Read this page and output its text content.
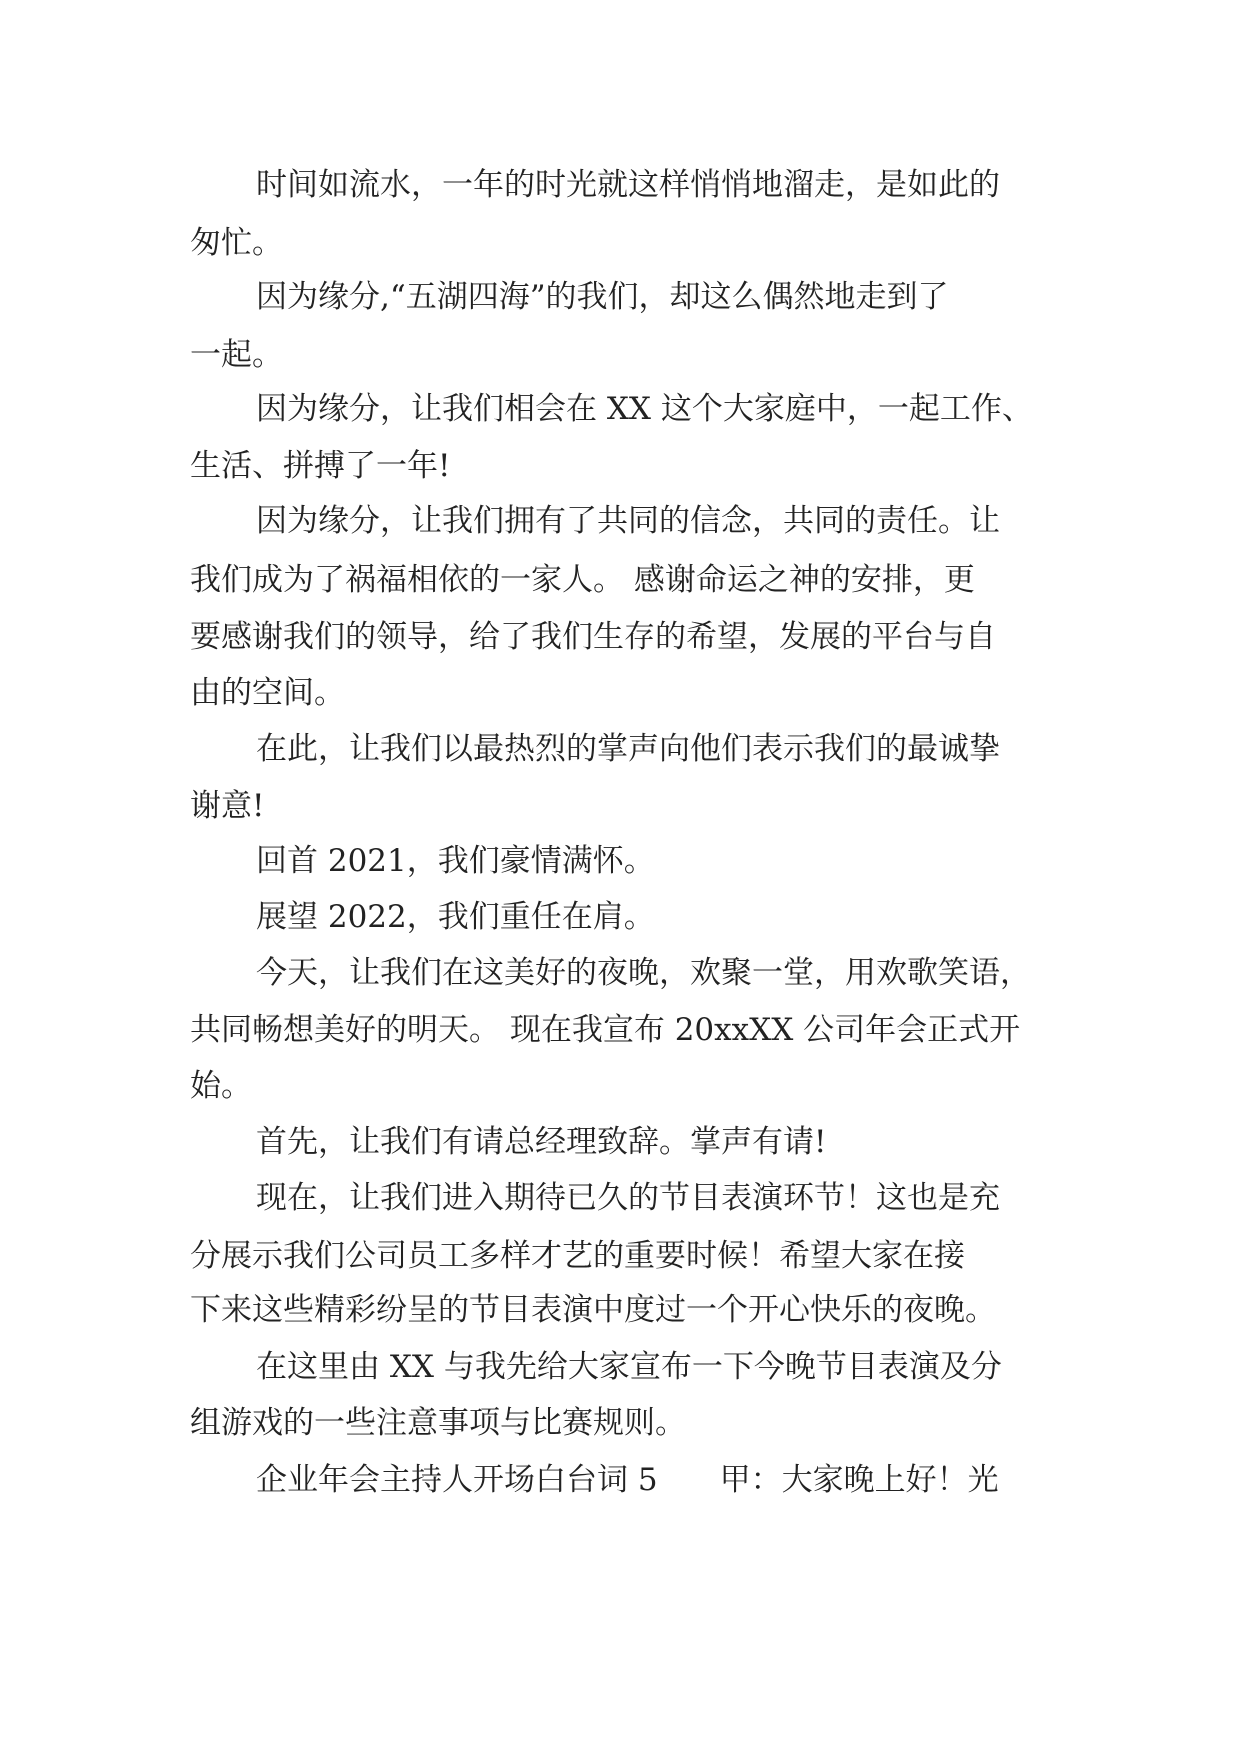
时间如流水，一年的时光就这样悄悄地溜走，是如此的

匆忙。

因为缘分,“五湖四海”的我们，却这么偶然地走到了

一起。

因为缘分，让我们相会在 XX 这个大家庭中，一起工作、

生活、拼搏了一年!

因为缘分，让我们拥有了共同的信念，共同的责任。让

我们成为了祸福相依的一家人。 感谢命运之神的安排，更

要感谢我们的领导，给了我们生存的希望，发展的平台与自

由的空间。

在此，让我们以最热烈的掌声向他们表示我们的最诚挚

谢意!

回首 2021，我们豪情满怀。

展望 2022，我们重任在肩。

今天，让我们在这美好的夜晚，欢聚一堂，用欢歌笑语，

共同畅想美好的明天。 现在我宣布 20xxXX 公司年会正式开

始。

首先，让我们有请总经理致辞。掌声有请!

现在，让我们进入期待已久的节目表演环节！这也是充

分展示我们公司员工多样才艺的重要时候！希望大家在接

下来这些精彩纷呈的节目表演中度过一个开心快乐的夜晚。

在这里由 XX 与我先给大家宣布一下今晚节目表演及分

组游戏的一些注意事项与比赛规则。

企业年会主持人开场白台词 5　　甲：大家晚上好！光
